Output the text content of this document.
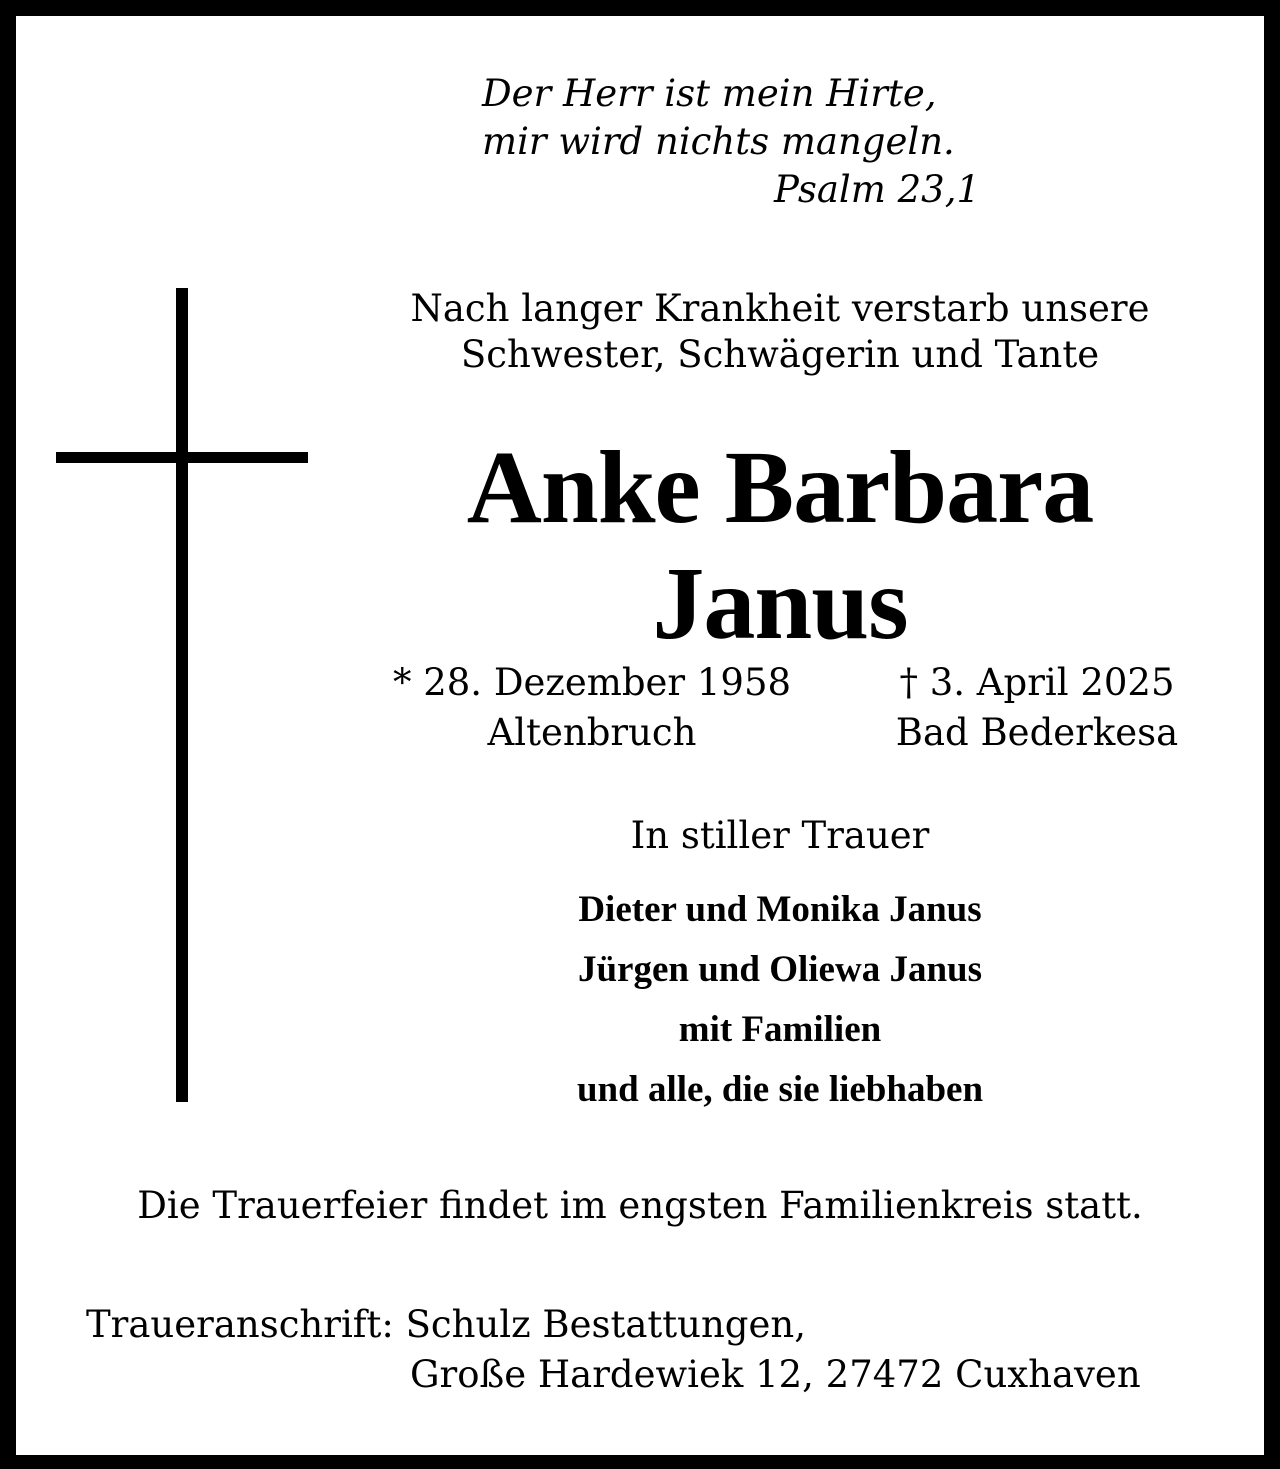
Der Herr ist mein Hirte,
mir wird nichts mangeln.
Psalm 23,1
Nach langer Krankheit verstarb unsere
Schwester, Schwägerin und Tante
Anke Barbara
Janus
* 28. Dezember 1958
Altenbruch
† 3. April 2025
Bad Bederkesa
In stiller Trauer
Dieter und Monika Janus
Jürgen und Oliewa Janus
mit Familien
und alle, die sie liebhaben
Die Trauerfeier findet im engsten Familienkreis statt.
Traueranschrift: Schulz Bestattungen,
Große Hardewiek 12, 27472 Cuxhaven
